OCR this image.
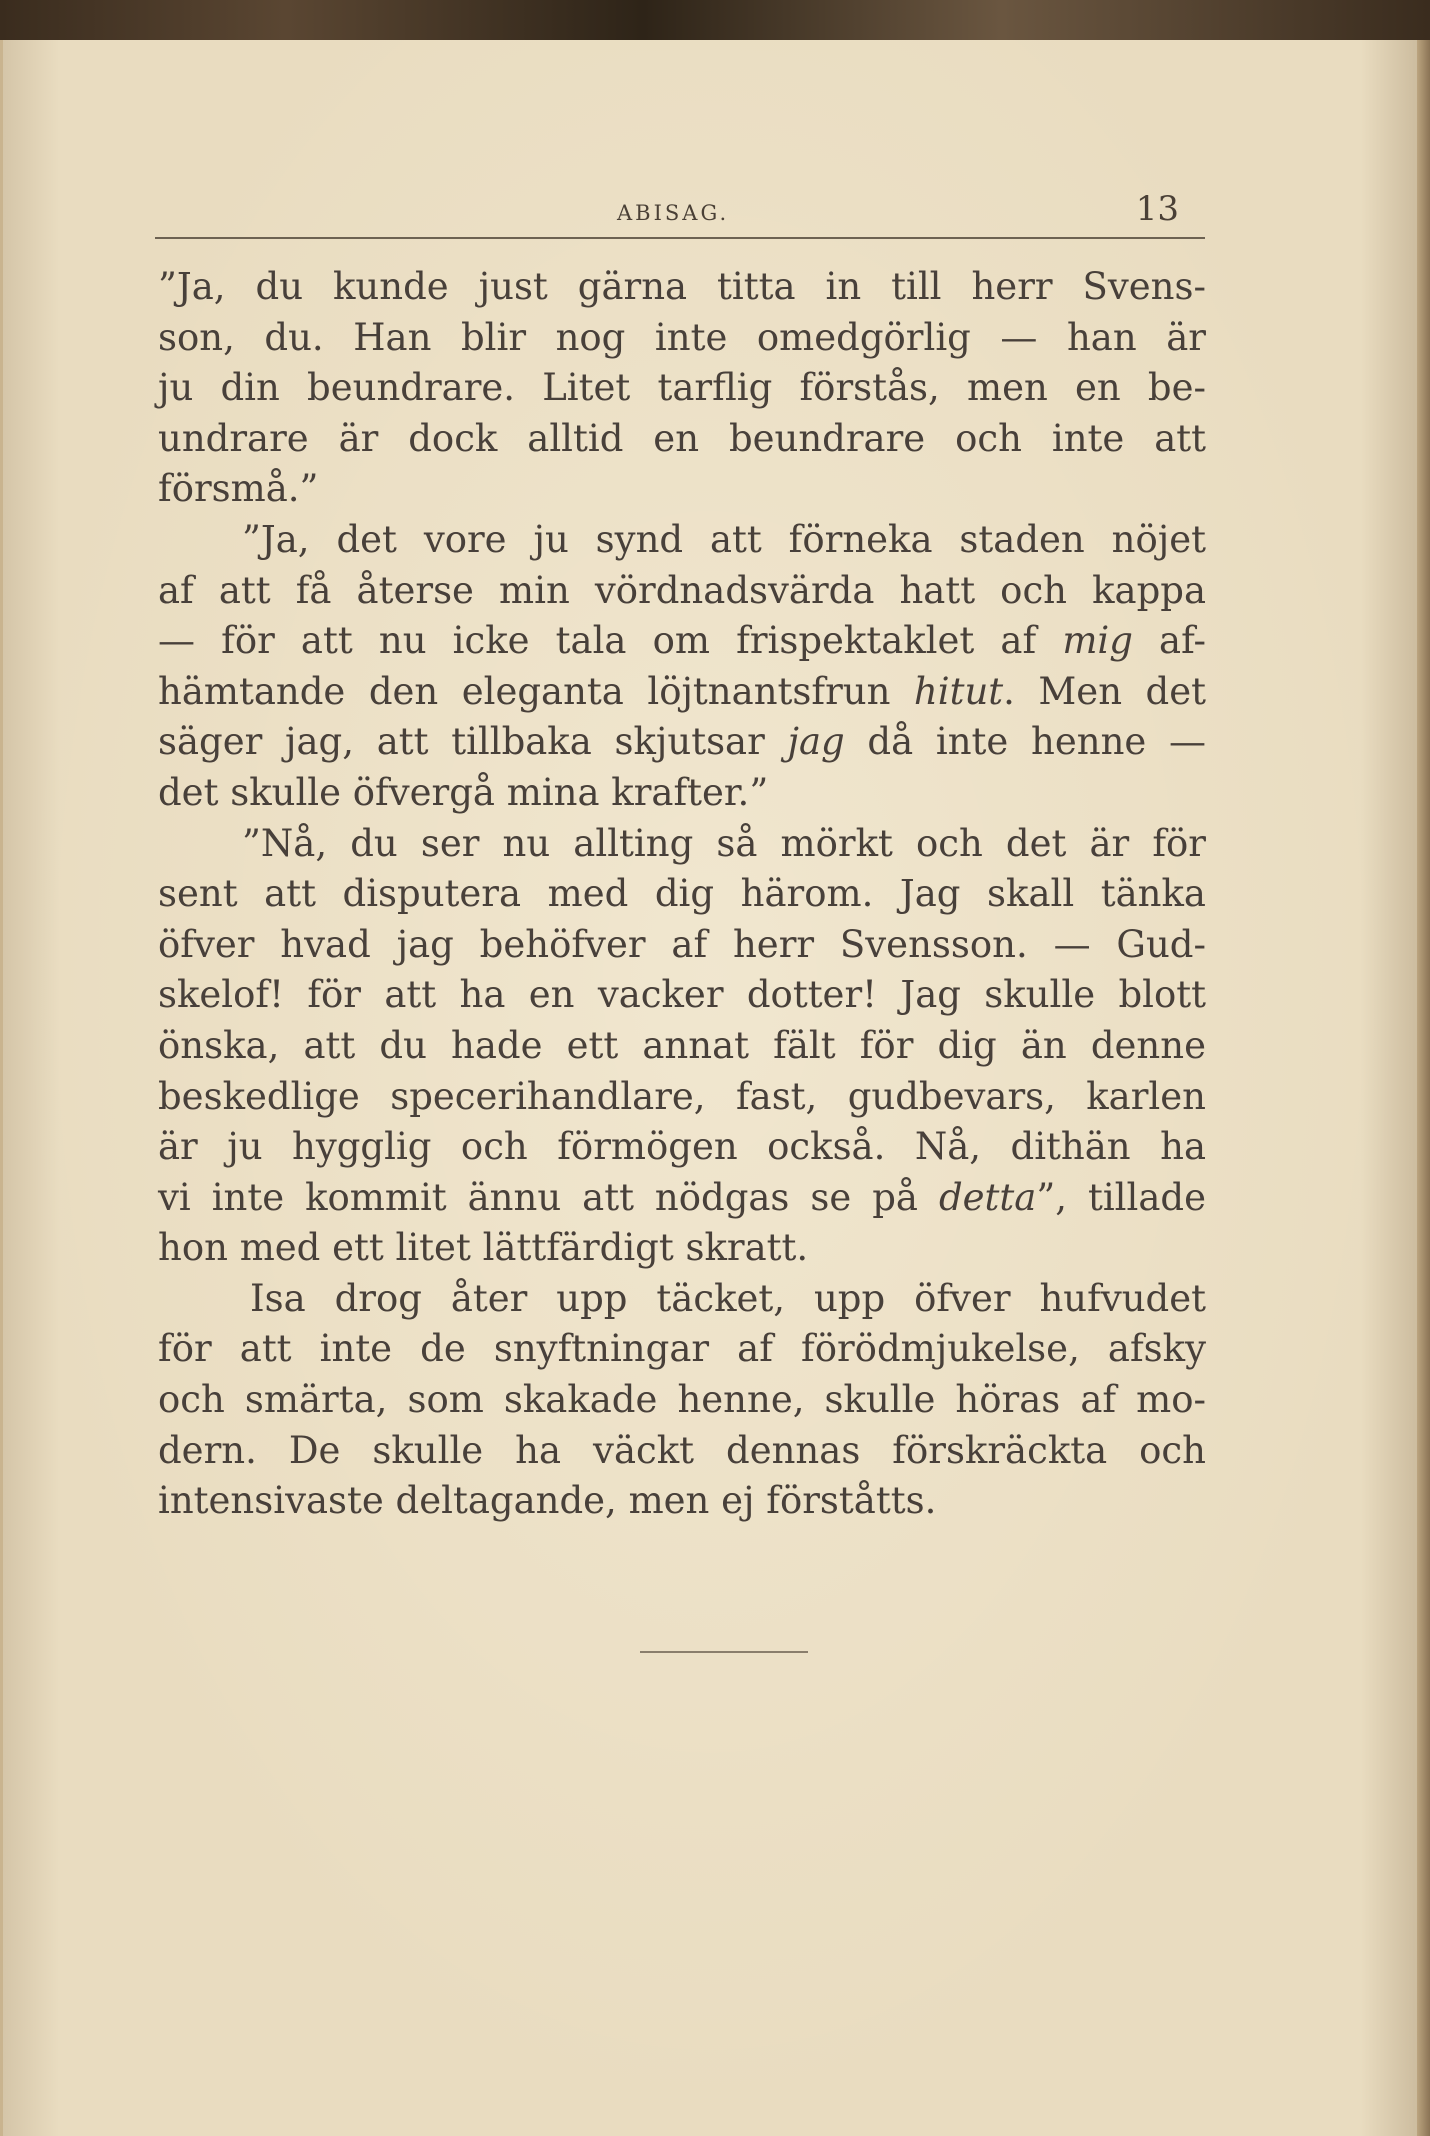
ABISAG.	13
”Ja, du kunde just gärna titta in till herr Svens-
son, du. Han blir nog inte omedgörlig — han är
ju din beundrare. Litet tarflig förstås, men en be-
undrare är dock alltid en beundrare och inte att
försmå.”
”Ja, det vore ju synd att förneka staden nöjet
af att få återse min vördnadsvärda hatt och kappa
— för att nu icke tala om frispektaklet af mig af-
hämtande den eleganta löjtnantsfrun hitut. Men det
säger jag, att tillbaka skjutsar jag då inte henne —
det skulle öfvergå mina krafter.”
”Nå, du ser nu allting så mörkt och det är för
sent att disputera med dig härom. Jag skall tänka
öfver hvad jag behöfver af herr Svensson. — Gud-
skelof! för att ha en vacker dotter! Jag skulle blott
önska, att du hade ett annat fält för dig än denne
beskedlige specerihandlare, fast, gudbevars, karlen
är ju hygglig och förmögen också. Nå, dithän ha
vi inte kommit ännu att nödgas se på detta”, tillade
hon med ett litet lättfärdigt skratt.
Isa drog åter upp täcket, upp öfver hufvudet
för att inte de snyftningar af förödmjukelse, afsky
och smärta, som skakade henne, skulle höras af mo-
dern. De skulle ha väckt dennas förskräckta och
intensivaste deltagande, men ej förståtts.
